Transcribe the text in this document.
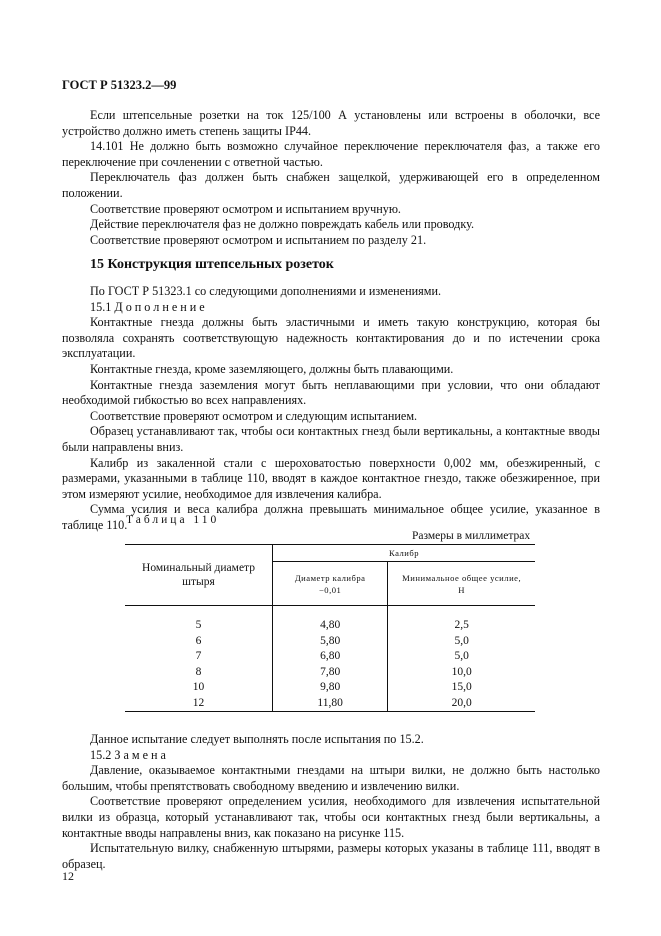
ГОСТ Р 51323.2—99

Если штепсельные розетки на ток 125/100 А установлены или встроены в оболочки, все устройство должно иметь степень защиты IP44.

14.101 Не должно быть возможно случайное переключение переключателя фаз, а также его переключение при сочленении с ответной частью.

Переключатель фаз должен быть снабжен защелкой, удерживающей его в определенном положении.

Соответствие проверяют осмотром и испытанием вручную.

Действие переключателя фаз не должно повреждать кабель или проводку.

Соответствие проверяют осмотром и испытанием по разделу 21.

15 Конструкция штепсельных розеток

По ГОСТ Р 51323.1 со следующими дополнениями и изменениями.

15.1 Дополнение

Контактные гнезда должны быть эластичными и иметь такую конструкцию, которая бы позволяла сохранять соответствующую надежность контактирования до и по истечении срока эксплуатации.

Контактные гнезда, кроме заземляющего, должны быть плавающими.

Контактные гнезда заземления могут быть неплавающими при условии, что они обладают необходимой гибкостью во всех направлениях.

Соответствие проверяют осмотром и следующим испытанием.

Образец устанавливают так, чтобы оси контактных гнезд были вертикальны, а контактные вводы были направлены вниз.

Калибр из закаленной стали с шероховатостью поверхности 0,002 мм, обезжиренный, с размерами, указанными в таблице 110, вводят в каждое контактное гнездо, также обезжиренное, при этом измеряют усилие, необходимое для извлечения калибра.

Сумма усилия и веса калибра должна превышать минимальное общее усилие, указанное в таблице 110.

Таблица 110
Размеры в миллиметрах
Номинальный диаметр штыря	Калибр	
	Диаметр калибра −0,01	Минимальное общее усилие, Н

5	4,80	2,5
6	5,80	5,0
7	6,80	5,0
8	7,80	10,0
10	9,80	15,0
12	11,80	20,0

Данное испытание следует выполнять после испытания по 15.2.

15.2 Замена

Давление, оказываемое контактными гнездами на штыри вилки, не должно быть настолько большим, чтобы препятствовать свободному введению и извлечению вилки.

Соответствие проверяют определением усилия, необходимого для извлечения испытательной вилки из образца, который устанавливают так, чтобы оси контактных гнезд были вертикальны, а контактные вводы направлены вниз, как показано на рисунке 115.

Испытательную вилку, снабженную штырями, размеры которых указаны в таблице 111, вводят в образец.

12
